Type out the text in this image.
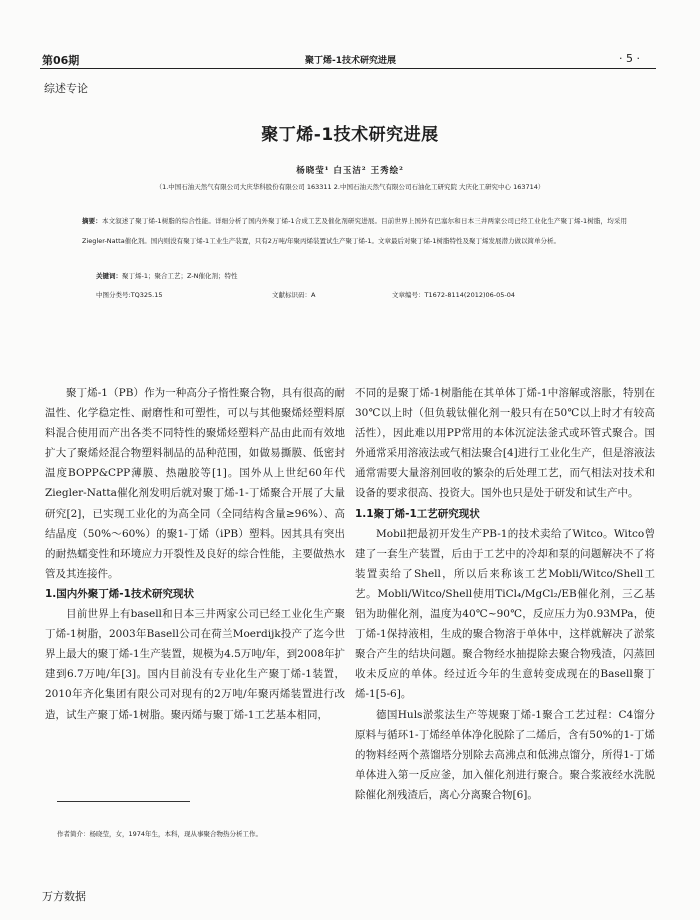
第06期	聚丁烯-1技术研究进展	· 5 ·
综述专论
聚丁烯-1技术研究进展
杨晓莹¹ 白玉洁² 王秀绘²
（1.中国石油天然气有限公司大庆华科股份有限公司 163311 2.中国石油天然气有限公司石油化工研究院 大庆化工研究中心 163714）
摘要：本文叙述了聚丁烯-1树脂的综合性能。详细分析了国内外聚丁烯-1合成工艺及催化剂研究进展。目前世界上国外有巴塞尔和日本三井两家公司已经工业化生产聚丁烯-1树脂，均采用Ziegler-Natta催化剂。国内则没有聚丁烯-1工业生产装置，只有2万吨/年聚丙烯装置试生产聚丁烯-1。文章最后对聚丁烯-1树脂特性及聚丁烯发展潜力做以简单分析。
关键词：聚丁烯-1；聚合工艺；Z-N催化剂；特性
中图分类号:TQ325.15	文献标识码：A	文章编号：T1672-8114(2012)06-05-04

聚丁烯-1（PB）作为一种高分子惰性聚合物，具有很高的耐温性、化学稳定性、耐磨性和可塑性，可以与其他聚烯烃塑料原料混合使用而产出各类不同特性的聚烯烃塑料产品由此而有效地扩大了聚烯烃混合物塑料制品的品种范围，如做易撕膜、低密封温度BOPP&CPP薄膜、热融胶等[1]。国外从上世纪60年代Ziegler-Natta催化剂发明后就对聚丁烯-1-丁烯聚合开展了大量研究[2]，已实现工业化的为高全同（全同结构含量≥96%）、高结晶度（50%～60%）的聚1-丁烯（iPB）塑料。因其具有突出的耐热蠕变性和环境应力开裂性及良好的综合性能，主要做热水管及其连接件。

1.国内外聚丁烯-1技术研究现状

目前世界上有basell和日本三井两家公司已经工业化生产聚丁烯-1树脂，2003年Basell公司在荷兰Moerdijk投产了迄今世界上最大的聚丁烯-1生产装置，规模为4.5万吨/年，到2008年扩建到6.7万吨/年[3]。国内目前没有专业化生产聚丁烯-1装置，2010年齐化集团有限公司对现有的2万吨/年聚丙烯装置进行改造，试生产聚丁烯-1树脂。聚丙烯与聚丁烯-1工艺基本相同，

不同的是聚丁烯-1树脂能在其单体丁烯-1中溶解或溶胀，特别在30℃以上时（但负载钛催化剂一般只有在50℃以上时才有较高活性），因此难以用PP常用的本体沉淀法釜式或环管式聚合。国外通常采用溶液法或气相法聚合[4]进行工业化生产，但是溶液法通常需要大量溶剂回收的繁杂的后处理工艺，而气相法对技术和设备的要求很高、投资大。国外也只是处于研发和试生产中。

1.1聚丁烯-1工艺研究现状

Mobil把最初开发生产PB-1的技术卖给了Witco。Witco曾建了一套生产装置，后由于工艺中的冷却和泵的问题解决不了将装置卖给了Shell，所以后来称该工艺Mobli/Witco/Shell工艺。Mobli/Witco/Shell使用TiCl₄/MgCl₂/EB催化剂，三乙基铝为助催化剂，温度为40℃~90℃，反应压力为0.93MPa，使丁烯-1保持液相，生成的聚合物溶于单体中，这样就解决了淤浆聚合产生的结块问题。聚合物经水抽提除去聚合物残渣，闪蒸回收未反应的单体。经过近今年的生意转变成现在的Basell聚丁烯-1[5-6]。

德国Huls淤浆法生产等规聚丁烯-1聚合工艺过程：C4馏分原料与循环1-丁烯经单体净化脱除了二烯后，含有50%的1-丁烯的物料经两个蒸馏塔分别除去高沸点和低沸点馏分，所得1-丁烯单体进入第一反应釜，加入催化剂进行聚合。聚合浆液经水洗脱除催化剂残渣后，离心分离聚合物[6]。

作者简介：杨晓莹，女，1974年生，本科，现从事聚合物热分析工作。
万方数据
